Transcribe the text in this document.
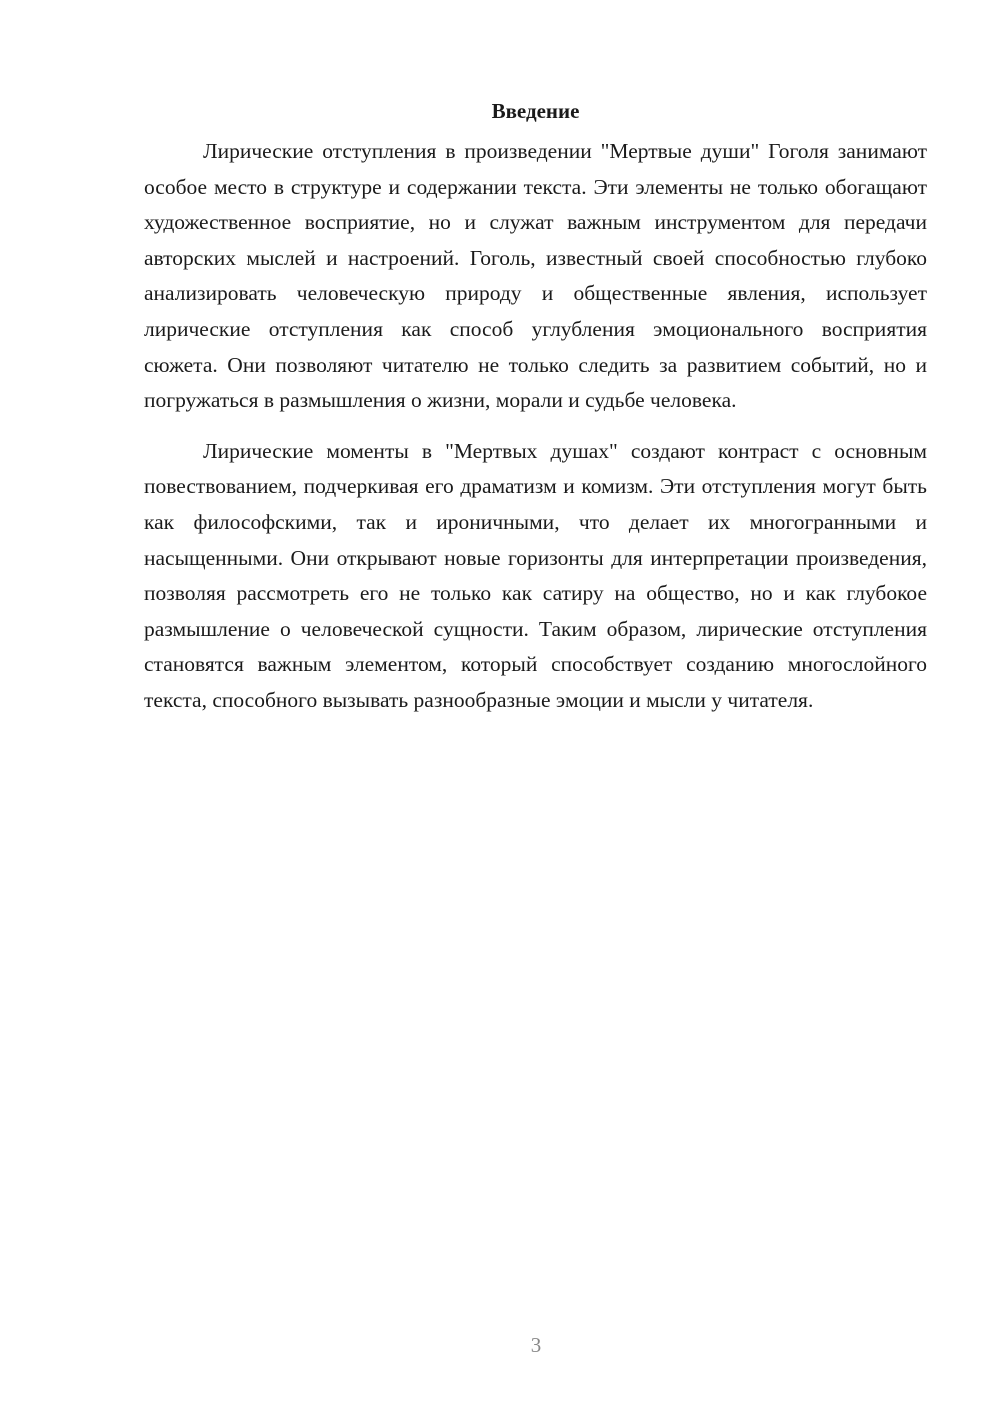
Введение

Лирические отступления в произведении "Мертвые души" Гоголя занимают особое место в структуре и содержании текста. Эти элементы не только обогащают художественное восприятие, но и служат важным инструментом для передачи авторских мыслей и настроений. Гоголь, известный своей способностью глубоко анализировать человеческую природу и общественные явления, использует лирические отступления как способ углубления эмоционального восприятия сюжета. Они позволяют читателю не только следить за развитием событий, но и погружаться в размышления о жизни, морали и судьбе человека.

Лирические моменты в "Мертвых душах" создают контраст с основным повествованием, подчеркивая его драматизм и комизм. Эти отступления могут быть как философскими, так и ироничными, что делает их многогранными и насыщенными. Они открывают новые горизонты для интерпретации произведения, позволяя рассмотреть его не только как сатиру на общество, но и как глубокое размышление о человеческой сущности. Таким образом, лирические отступления становятся важным элементом, который способствует созданию многослойного текста, способного вызывать разнообразные эмоции и мысли у читателя.

3
